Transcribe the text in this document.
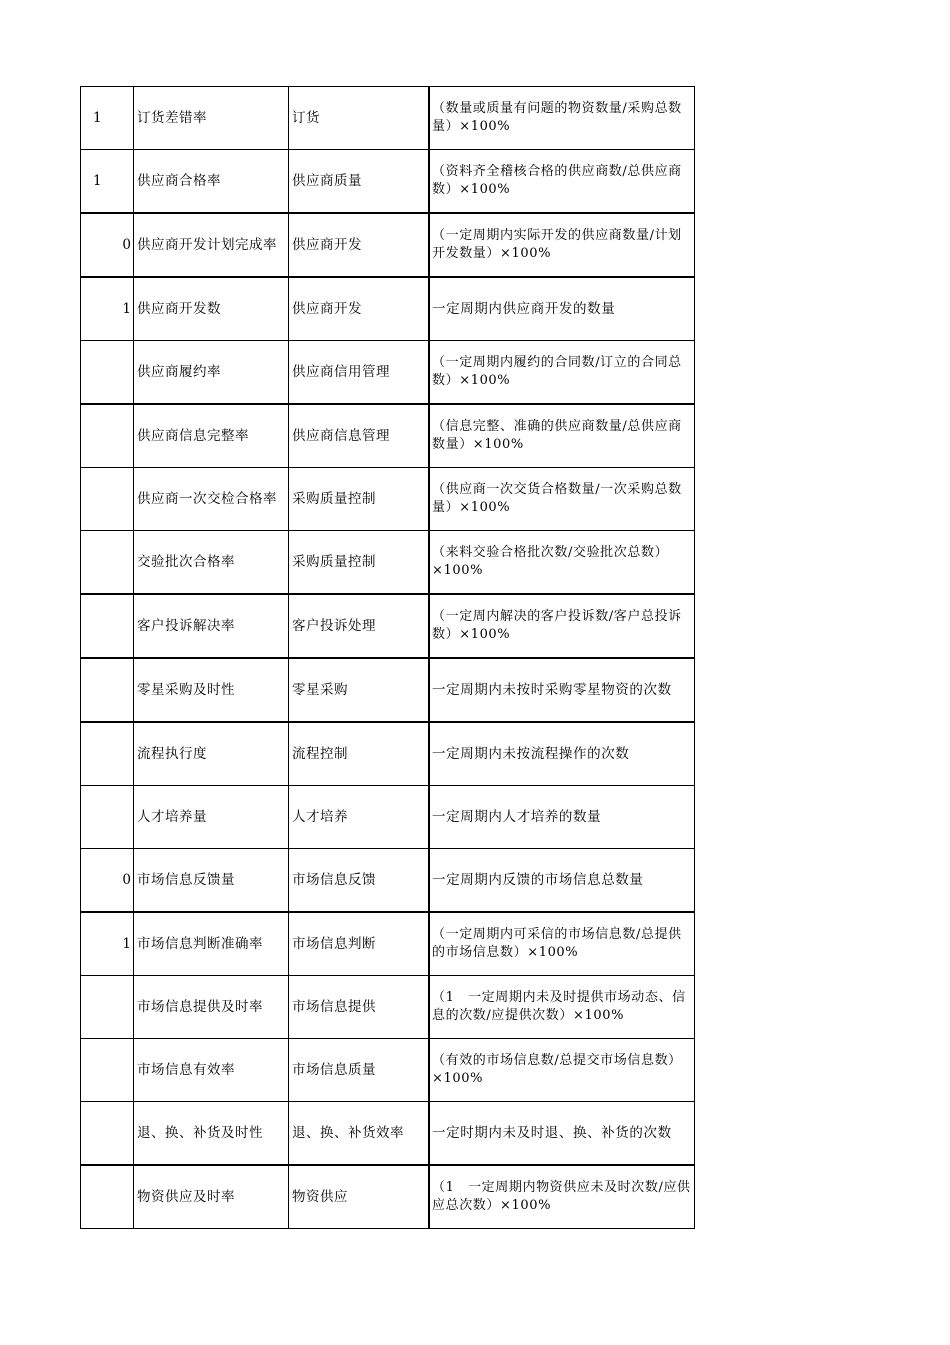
1	订货差错率	订货	（数量或质量有问题的物资数量/采购总数量）×100%
1	供应商合格率	供应商质量	（资料齐全稽核合格的供应商数/总供应商数）×100%
0	供应商开发计划完成率	供应商开发	（一定周期内实际开发的供应商数量/计划开发数量）×100%
1	供应商开发数	供应商开发	一定周期内供应商开发的数量
	供应商履约率	供应商信用管理	（一定周期内履约的合同数/订立的合同总数）×100%
	供应商信息完整率	供应商信息管理	（信息完整、准确的供应商数量/总供应商数量）×100%
	供应商一次交检合格率	采购质量控制	（供应商一次交货合格数量/一次采购总数量）×100%
	交验批次合格率	采购质量控制	（来料交验合格批次数/交验批次总数）×100%
	客户投诉解决率	客户投诉处理	（一定周内解决的客户投诉数/客户总投诉数）×100%
	零星采购及时性	零星采购	一定周期内未按时采购零星物资的次数
	流程执行度	流程控制	一定周期内未按流程操作的次数
	人才培养量	人才培养	一定周期内人才培养的数量
0	市场信息反馈量	市场信息反馈	一定周期内反馈的市场信息总数量
1	市场信息判断准确率	市场信息判断	（一定周期内可采信的市场信息数/总提供的市场信息数）×100%
	市场信息提供及时率	市场信息提供	（1　一定周期内未及时提供市场动态、信息的次数/应提供次数）×100%
	市场信息有效率	市场信息质量	（有效的市场信息数/总提交市场信息数）×100%
	退、换、补货及时性	退、换、补货效率	一定时期内未及时退、换、补货的次数
	物资供应及时率	物资供应	（1　一定周期内物资供应未及时次数/应供应总次数）×100%
